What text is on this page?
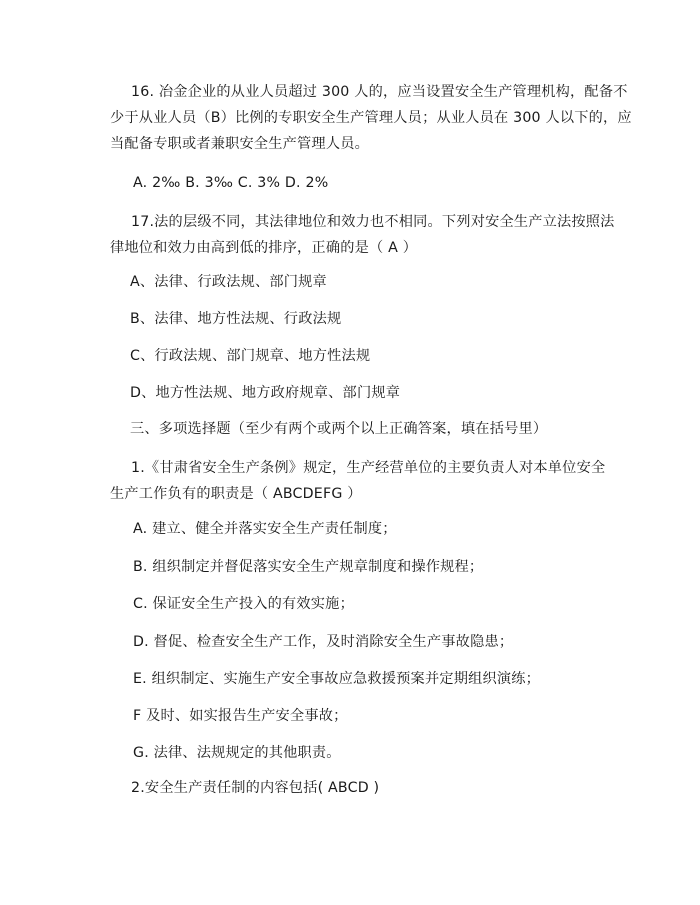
16. 冶金企业的从业人员超过 300 人的，应当设置安全生产管理机构，配备不

少于从业人员（B）比例的专职安全生产管理人员；从业人员在 300 人以下的，应

当配备专职或者兼职安全生产管理人员。

A. 2‰ B. 3‰ C. 3% D. 2%

17.法的层级不同，其法律地位和效力也不相同。下列对安全生产立法按照法

律地位和效力由高到低的排序，正确的是（ A ）

A、法律、行政法规、部门规章

B、法律、地方性法规、行政法规

C、行政法规、部门规章、地方性法规

D、地方性法规、地方政府规章、部门规章

三、多项选择题（至少有两个或两个以上正确答案，填在括号里）

1.《甘肃省安全生产条例》规定，生产经营单位的主要负责人对本单位安全

生产工作负有的职责是（ ABCDEFG ）

A. 建立、健全并落实安全生产责任制度；

B. 组织制定并督促落实安全生产规章制度和操作规程；

C. 保证安全生产投入的有效实施；

D. 督促、检查安全生产工作，及时消除安全生产事故隐患；

E. 组织制定、实施生产安全事故应急救援预案并定期组织演练；

F 及时、如实报告生产安全事故；

G. 法律、法规规定的其他职责。

2.安全生产责任制的内容包括( ABCD )
